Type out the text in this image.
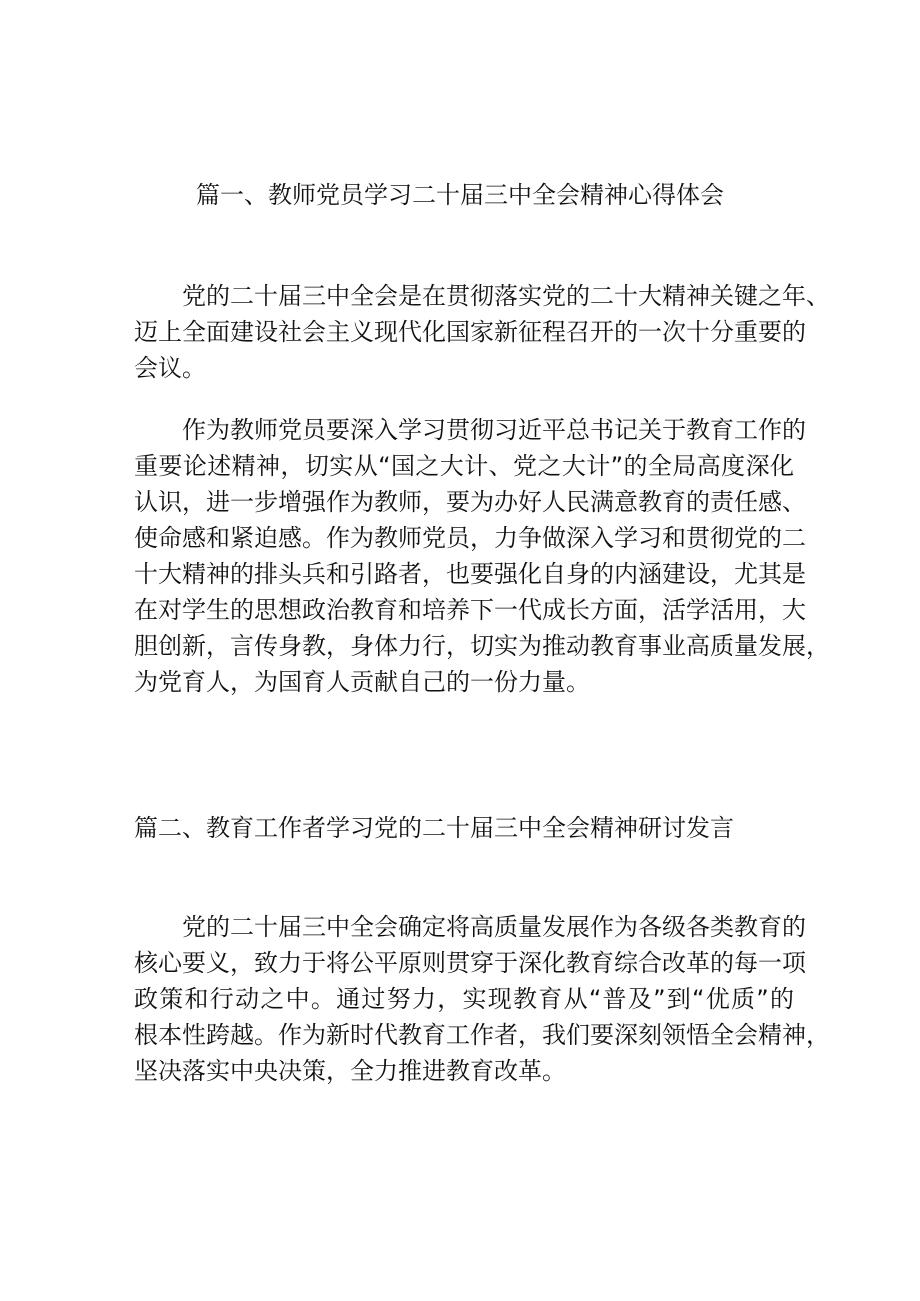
篇一、教师党员学习二十届三中全会精神心得体会
党的二十届三中全会是在贯彻落实党的二十大精神关键之年、
迈上全面建设社会主义现代化国家新征程召开的一次十分重要的
会议。
作为教师党员要深入学习贯彻习近平总书记关于教育工作的
重要论述精神，切实从“国之大计、党之大计”的全局高度深化
认识，进一步增强作为教师，要为办好人民满意教育的责任感、
使命感和紧迫感。作为教师党员，力争做深入学习和贯彻党的二
十大精神的排头兵和引路者，也要强化自身的内涵建设，尤其是
在对学生的思想政治教育和培养下一代成长方面，活学活用，大
胆创新，言传身教，身体力行，切实为推动教育事业高质量发展，
为党育人，为国育人贡献自己的一份力量。
篇二、教育工作者学习党的二十届三中全会精神研讨发言
党的二十届三中全会确定将高质量发展作为各级各类教育的
核心要义，致力于将公平原则贯穿于深化教育综合改革的每一项
政策和行动之中。通过努力，实现教育从“普及”到“优质”的
根本性跨越。作为新时代教育工作者，我们要深刻领悟全会精神，
坚决落实中央决策，全力推进教育改革。
